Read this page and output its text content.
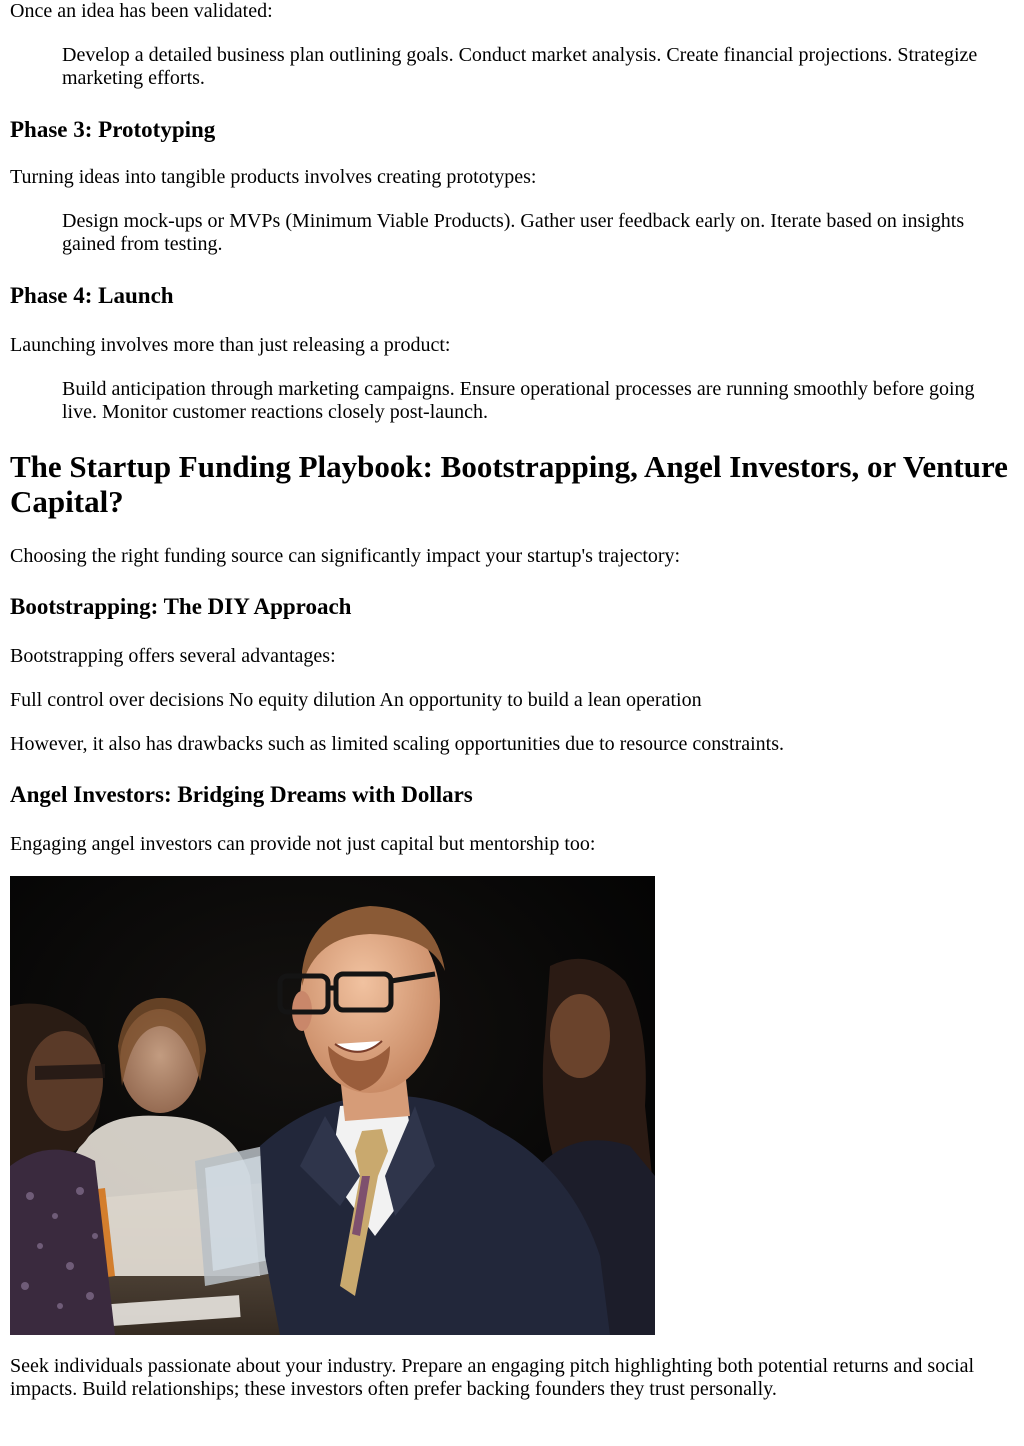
Once an idea has been validated:

Develop a detailed business plan outlining goals. Conduct market analysis. Create financial projections. Strategize marketing efforts.
Phase 3: Prototyping

Turning ideas into tangible products involves creating prototypes:

Design mock-ups or MVPs (Minimum Viable Products). Gather user feedback early on. Iterate based on insights gained from testing.
Phase 4: Launch

Launching involves more than just releasing a product:

Build anticipation through marketing campaigns. Ensure operational processes are running smoothly before going live. Monitor customer reactions closely post-launch.
The Startup Funding Playbook: Bootstrapping, Angel Investors, or Venture Capital?

Choosing the right funding source can significantly impact your startup's trajectory:

Bootstrapping: The DIY Approach

Bootstrapping offers several advantages:

Full control over decisions No equity dilution An opportunity to build a lean operation

However, it also has drawbacks such as limited scaling opportunities due to resource constraints.

Angel Investors: Bridging Dreams with Dollars

Engaging angel investors can provide not just capital but mentorship too:

Seek individuals passionate about your industry. Prepare an engaging pitch highlighting both potential returns and social impacts. Build relationships; these investors often prefer backing founders they trust personally.
